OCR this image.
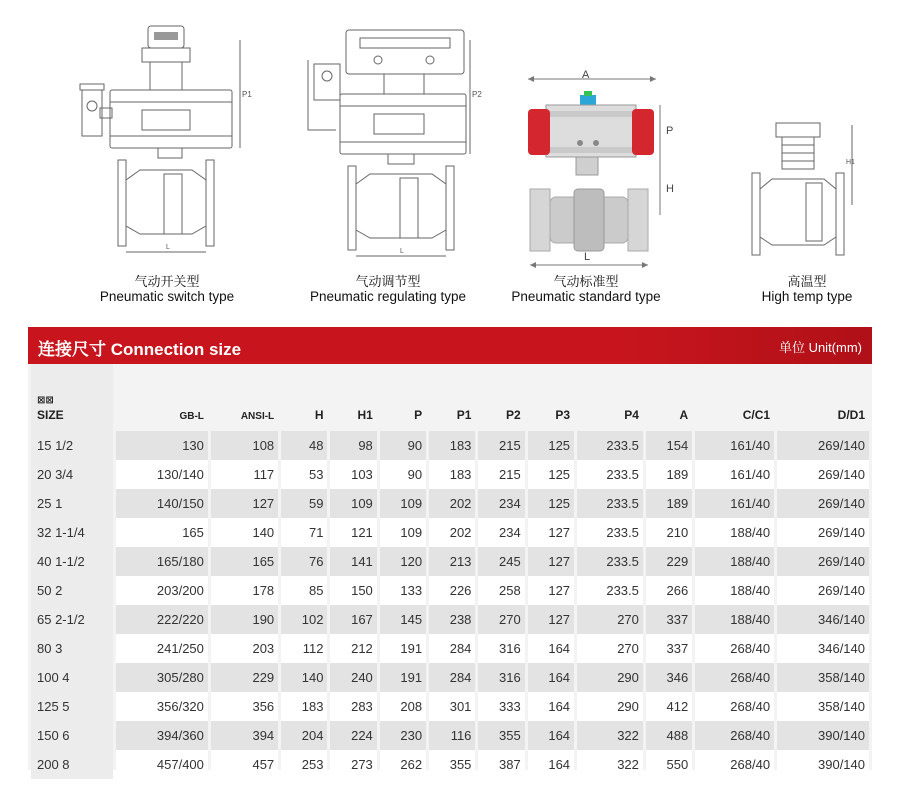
P1
L
气动开关型
Pneumatic switch type
P2
L
气动调节型
Pneumatic regulating type
A
P
H
L
气动标准型
Pneumatic standard type
H1
高温型
High temp type
连接尺寸 Connection size	单位 Unit(mm)
⊠⊠
SIZE	GB-L	ANSI-L	H	H1	P	P1	P2	P3	P4	A	C/C1	D/D1
15 1/2	130	108	48	98	90	183	215	125	233.5	154	161/40	269/140
20 3/4	130/140	117	53	103	90	183	215	125	233.5	189	161/40	269/140
25 1	140/150	127	59	109	109	202	234	125	233.5	189	161/40	269/140
32 1-1/4	165	140	71	121	109	202	234	127	233.5	210	188/40	269/140
40 1-1/2	165/180	165	76	141	120	213	245	127	233.5	229	188/40	269/140
50 2	203/200	178	85	150	133	226	258	127	233.5	266	188/40	269/140
65 2-1/2	222/220	190	102	167	145	238	270	127	270	337	188/40	346/140
80 3	241/250	203	112	212	191	284	316	164	270	337	268/40	346/140
100 4	305/280	229	140	240	191	284	316	164	290	346	268/40	358/140
125 5	356/320	356	183	283	208	301	333	164	290	412	268/40	358/140
150 6	394/360	394	204	224	230	116	355	164	322	488	268/40	390/140
200 8	457/400	457	253	273	262	355	387	164	322	550	268/40	390/140
